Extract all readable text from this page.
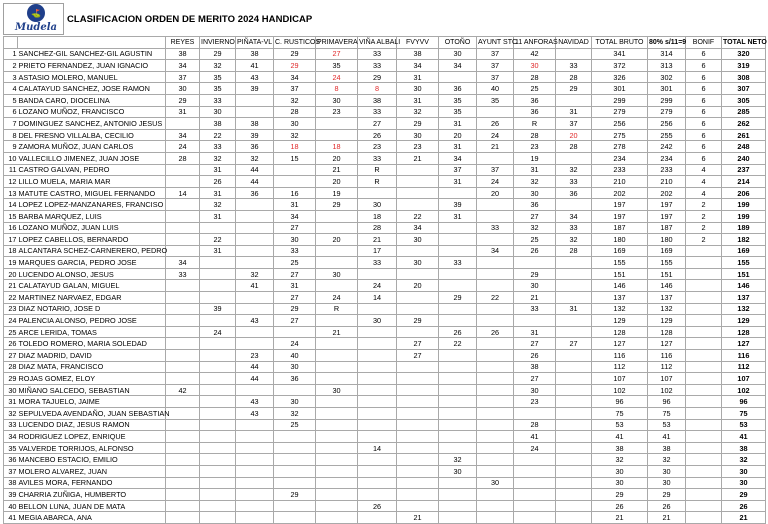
⛳
Mudela
CLASIFICACION ORDEN DE MERITO 2024 HANDICAP
		REYES	INVIERNO	PIÑATA-VL	C. RUSTICOS	PRIMAVERA	VIÑA ALBALI	FVYVV	OTOÑO	AYUNT STC	11 ANFORAS	NAVIDAD	TOTAL BRUTO	80% s/11=9	BONIF	TOTAL NETO
1	SANCHEZ-GIL SANCHEZ-GIL AGUSTIN	38	29	38	29	27	33	38	30	37	42		341	314	6	320
2	PRIETO FERNANDEZ, JUAN IGNACIO	34	32	41	29	35	33	34	34	37	30	33	372	313	6	319
3	ASTASIO MOLERO, MANUEL	37	35	43	34	24	29	31		37	28	28	326	302	6	308
4	CALATAYUD SANCHEZ, JOSE RAMON	30	35	39	37	8	8	30	36	40	25	29	301	301	6	307
5	BANDA CARO, DIOCELINA	29	33		32	30	38	31	35	35	36		299	299	6	305
6	LOZANO MUÑOZ, FRANCISCO	31	30		28	23	33	32	35		36	31	279	279	6	285
7	DOMINGUEZ SANCHEZ, ANTONIO JESUS		38	38	30		27	29	31	26	R	37	256	256	6	262
8	DEL FRESNO VILLALBA, CECILIO	34	22	39	32		26	30	20	24	28	20	275	255	6	261
9	ZAMORA MUÑOZ, JUAN CARLOS	24	33	36	18	18	23	23	31	21	23	28	278	242	6	248
10	VALLECILLO JIMENEZ, JUAN JOSE	28	32	32	15	20	33	21	34		19		234	234	6	240
11	CASTRO GALVAN, PEDRO		31	44		21	R		37	37	31	32	233	233	4	237
12	LILLO MUELA, MARIA MAR		26	44		20	R		31	24	32	33	210	210	4	214
13	MATUTE CASTRO, MIGUEL FERNANDO	14	31	36	16	19				20	30	36	202	202	4	206
14	LOPEZ LOPEZ-MANZANARES, FRANCISO		32		31	29	30		39		36		197	197	2	199
15	BARBA MARQUEZ, LUIS		31		34		18	22	31		27	34	197	197	2	199
16	LOZANO MUÑOZ, JUAN LUIS				27		28	34		33	32	33	187	187	2	189
17	LOPEZ CABELLOS, BERNARDO		22		30	20	21	30			25	32	180	180	2	182
18	ALCANTARA SCHEZ-CARNERERO, PEDRO		31		33		17			34	26	28	169	169		169
19	MARQUES GARCIA, PEDRO JOSE	34			25		33	30	33				155	155		155
20	LUCENDO ALONSO, JESUS	33		32	27	30					29		151	151		151
21	CALATAYUD GALAN, MIGUEL			41	31		24	20			30		146	146		146
22	MARTINEZ NARVAEZ, EDGAR				27	24	14		29	22	21		137	137		137
23	DIAZ NOTARIO, JOSE D		39		29	R					33	31	132	132		132
24	PALENCIA ALONSO, PEDRO JOSE			43	27		30	29					129	129		129
25	ARCE LERIDA, TOMAS		24			21			26	26	31		128	128		128
26	TOLEDO ROMERO, MARIA SOLEDAD				24			27	22		27	27	127	127		127
27	DIAZ MADRID, DAVID			23	40			27			26		116	116		116
28	DIAZ MATA, FRANCISCO			44	30						38		112	112		112
29	ROJAS GOMEZ, ELOY			44	36						27		107	107		107
30	MIÑANO SALCEDO, SEBASTIAN	42				30					30		102	102		102
31	MORA TAJUELO, JAIME			43	30						23		96	96		96
32	SEPULVEDA AVENDAÑO, JUAN SEBASTIAN			43	32								75	75		75
33	LUCENDO DIAZ, JESUS RAMON				25						28		53	53		53
34	RODRIGUEZ LOPEZ, ENRIQUE										41		41	41		41
35	VALVERDE TORRIJOS, ALFONSO						14				24		38	38		38
36	MANCEBO ESTACIO, EMILIO								32				32	32		32
37	MOLERO ALVAREZ, JUAN								30				30	30		30
38	AVILES MORA, FERNANDO									30			30	30		30
39	CHARRIA ZUÑIGA, HUMBERTO				29								29	29		29
40	BELLON LUNA, JUAN DE MATA						26						26	26		26
41	MEGIA ABARCA, ANA							21					21	21		21
